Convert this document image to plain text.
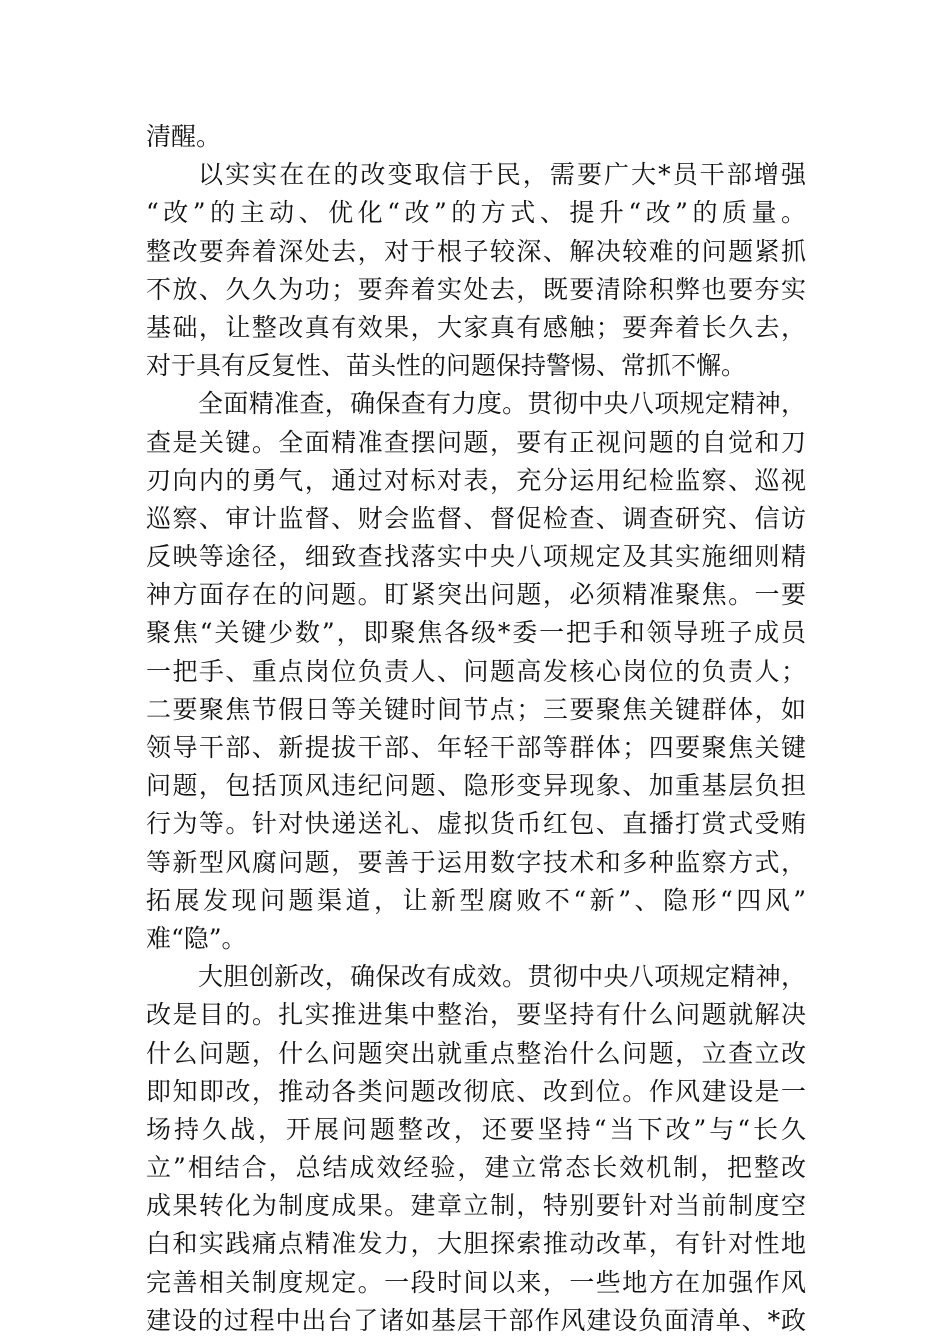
清醒。
以实实在在的改变取信于民，需要广大*员干部增强
“改”的主动、优化“改”的方式、提升“改”的质量。
整改要奔着深处去，对于根子较深、解决较难的问题紧抓
不放、久久为功；要奔着实处去，既要清除积弊也要夯实
基础，让整改真有效果，大家真有感触；要奔着长久去，
对于具有反复性、苗头性的问题保持警惕、常抓不懈。
全面精准查，确保查有力度。贯彻中央八项规定精神，
查是关键。全面精准查摆问题，要有正视问题的自觉和刀
刃向内的勇气，通过对标对表，充分运用纪检监察、巡视
巡察、审计监督、财会监督、督促检查、调查研究、信访
反映等途径，细致查找落实中央八项规定及其实施细则精
神方面存在的问题。盯紧突出问题，必须精准聚焦。一要
聚焦“关键少数”，即聚焦各级*委一把手和领导班子成员
一把手、重点岗位负责人、问题高发核心岗位的负责人；
二要聚焦节假日等关键时间节点；三要聚焦关键群体，如
领导干部、新提拔干部、年轻干部等群体；四要聚焦关键
问题，包括顶风违纪问题、隐形变异现象、加重基层负担
行为等。针对快递送礼、虚拟货币红包、直播打赏式受贿
等新型风腐问题，要善于运用数字技术和多种监察方式，
拓展发现问题渠道，让新型腐败不“新”、隐形“四风”
难“隐”。
大胆创新改，确保改有成效。贯彻中央八项规定精神，
改是目的。扎实推进集中整治，要坚持有什么问题就解决
什么问题，什么问题突出就重点整治什么问题，立查立改
即知即改，推动各类问题改彻底、改到位。作风建设是一
场持久战，开展问题整改，还要坚持“当下改”与“长久
立”相结合，总结成效经验，建立常态长效机制，把整改
成果转化为制度成果。建章立制，特别要针对当前制度空
白和实践痛点精准发力，大胆探索推动改革，有针对性地
完善相关制度规定。一段时间以来，一些地方在加强作风
建设的过程中出台了诸如基层干部作风建设负面清单、*政
